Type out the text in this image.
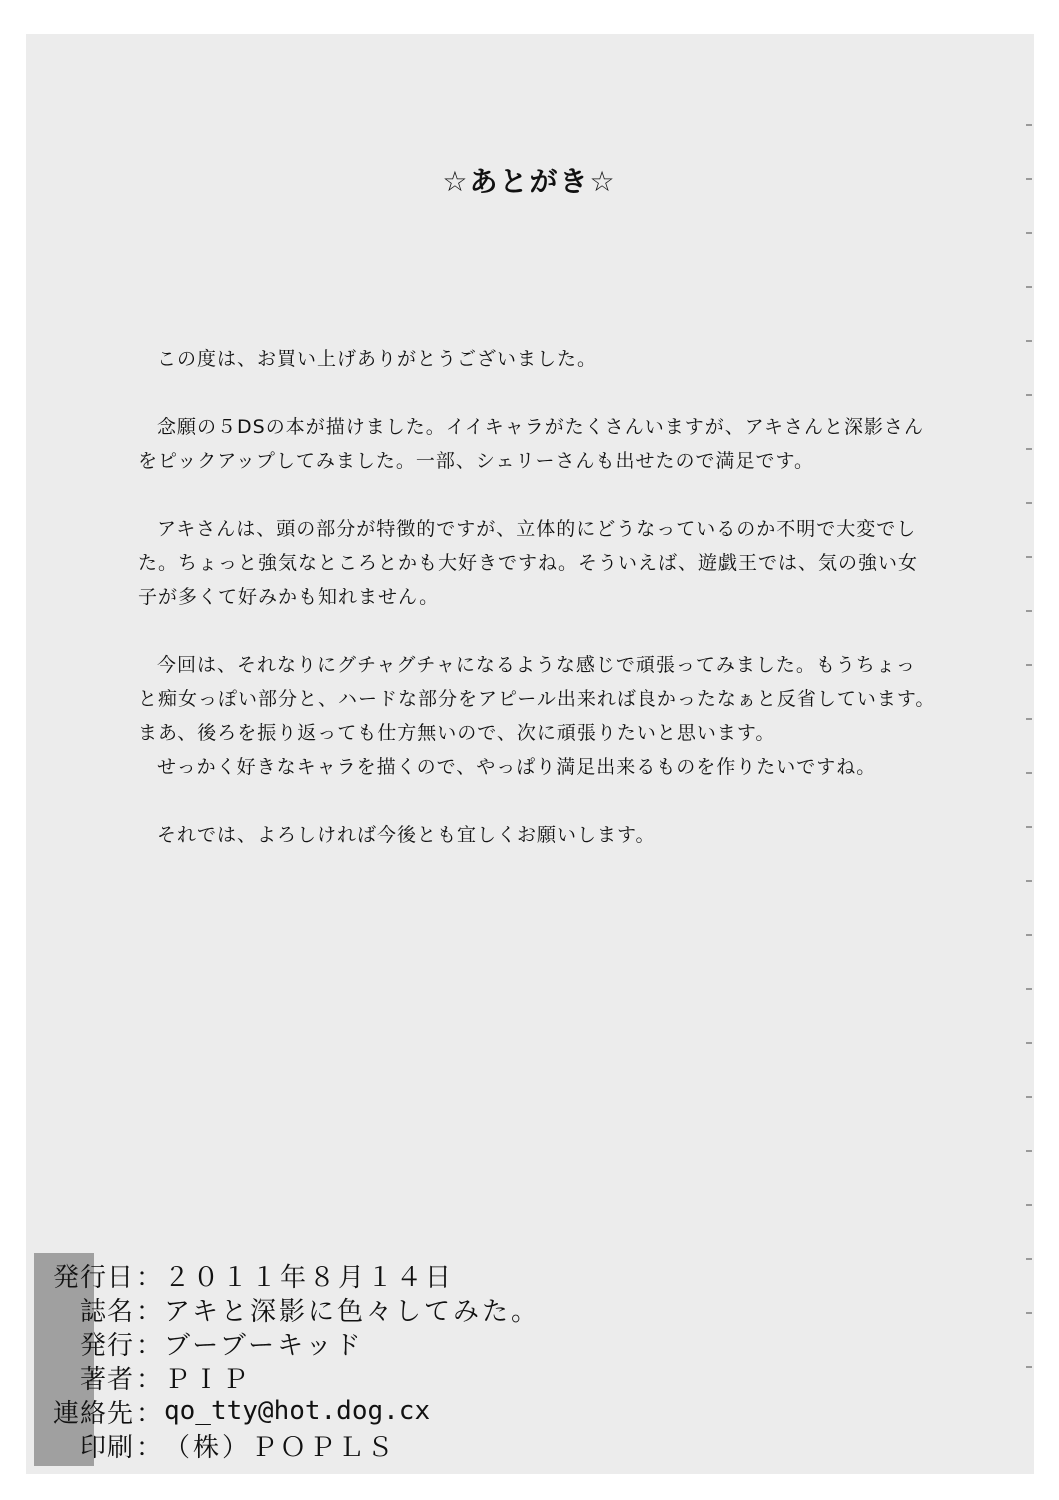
☆あとがき☆
この度は、お買い上げありがとうございました。
念願の５DSの本が描けました。イイキャラがたくさんいますが、アキさんと深影さん
をピックアップしてみました。一部、シェリーさんも出せたので満足です。
アキさんは、頭の部分が特徴的ですが、立体的にどうなっているのか不明で大変でし
た。ちょっと強気なところとかも大好きですね。そういえば、遊戯王では、気の強い女
子が多くて好みかも知れません。
今回は、それなりにグチャグチャになるような感じで頑張ってみました。もうちょっ
と痴女っぽい部分と、ハードな部分をアピール出来れば良かったなぁと反省しています。
まあ、後ろを振り返っても仕方無いので、次に頑張りたいと思います。
せっかく好きなキャラを描くので、やっぱり満足出来るものを作りたいですね。
それでは、よろしければ今後とも宜しくお願いします。
発行日 ： ２０１１年８月１４日
誌名 ： アキと深影に色々してみた。
発行 ： ブーブーキッド
著者 ： ＰＩＰ
連絡先 ： qo_tty@hot.dog.cx
印刷 ： （株）ＰＯＰＬＳ
